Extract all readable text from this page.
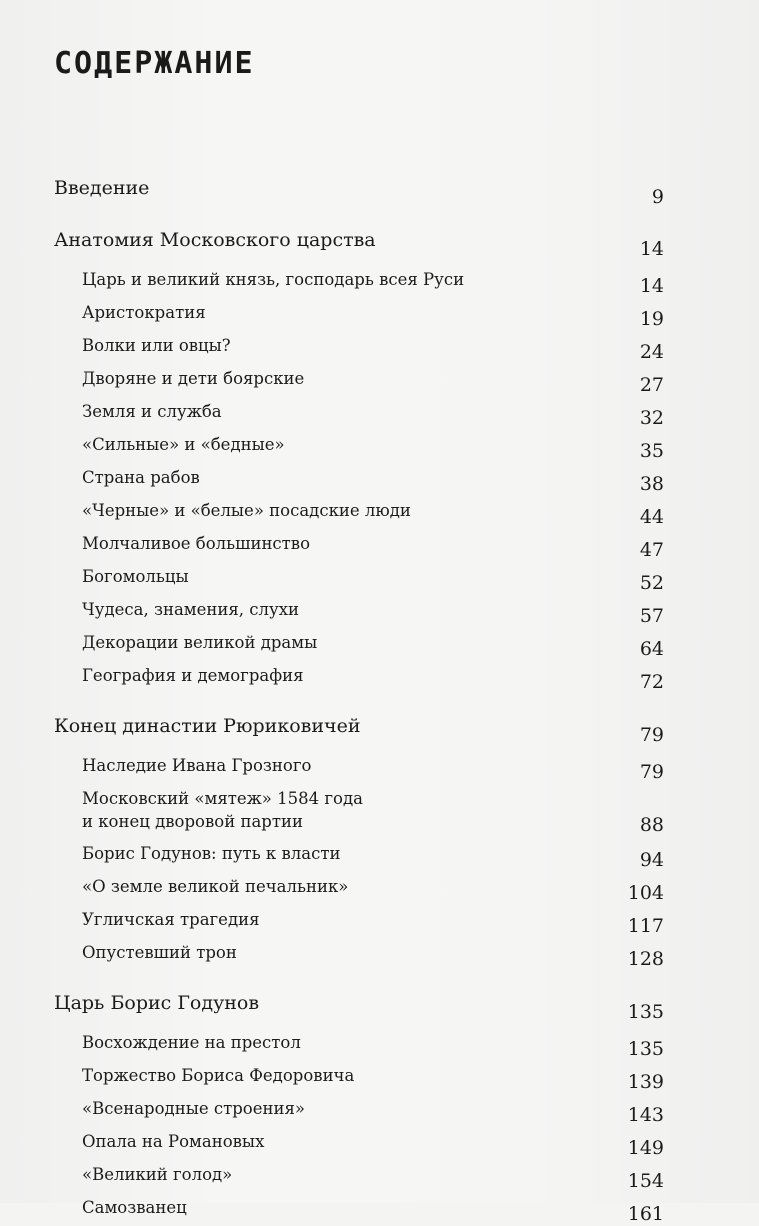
СОДЕРЖАНИЕ
Введение	9
Анатомия Московского царства	14
Царь и великий князь, господарь всея Руси	14
Аристократия	19
Волки или овцы?	24
Дворяне и дети боярские	27
Земля и служба	32
«Сильные» и «бедные»	35
Страна рабов	38
«Черные» и «белые» посадские люди	44
Молчаливое большинство	47
Богомольцы	52
Чудеса, знамения, слухи	57
Декорации великой драмы	64
География и демография	72
Конец династии Рюриковичей	79
Наследие Ивана Грозного	79
Московский «мятеж» 1584 года
и конец дворовой партии	88
Борис Годунов: путь к власти	94
«О земле великой печальник»	104
Угличская трагедия	117
Опустевший трон	128
Царь Борис Годунов	135
Восхождение на престол	135
Торжество Бориса Федоровича	139
«Всенародные строения»	143
Опала на Романовых	149
«Великий голод»	154
Самозванец	161
